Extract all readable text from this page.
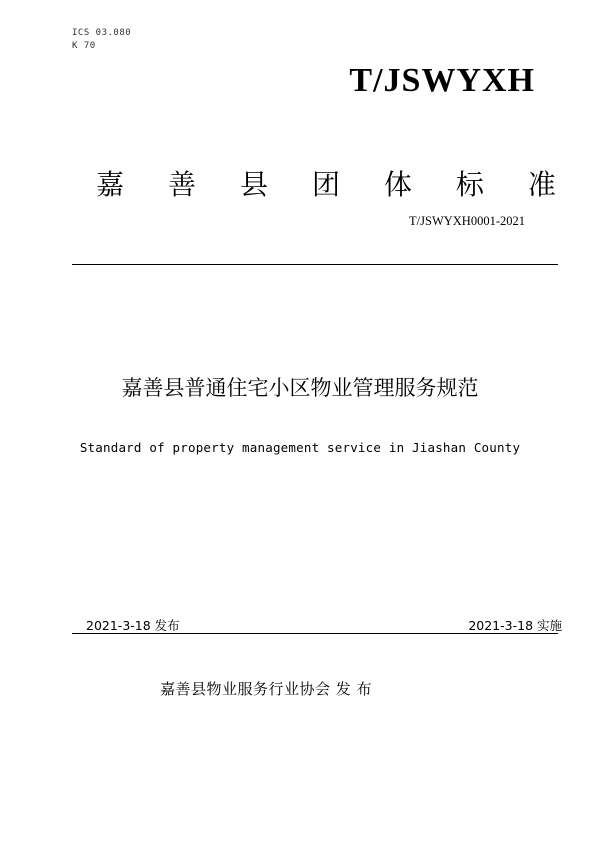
ICS 03.080
K 70
T/JSWYXH
嘉 善 县 团 体 标 准
T/JSWYXH0001-2021
嘉善县普通住宅小区物业管理服务规范
Standard of property management service in Jiashan County
2021-3-18 发布	2021-3-18 实施
嘉善县物业服务行业协会 发 布
